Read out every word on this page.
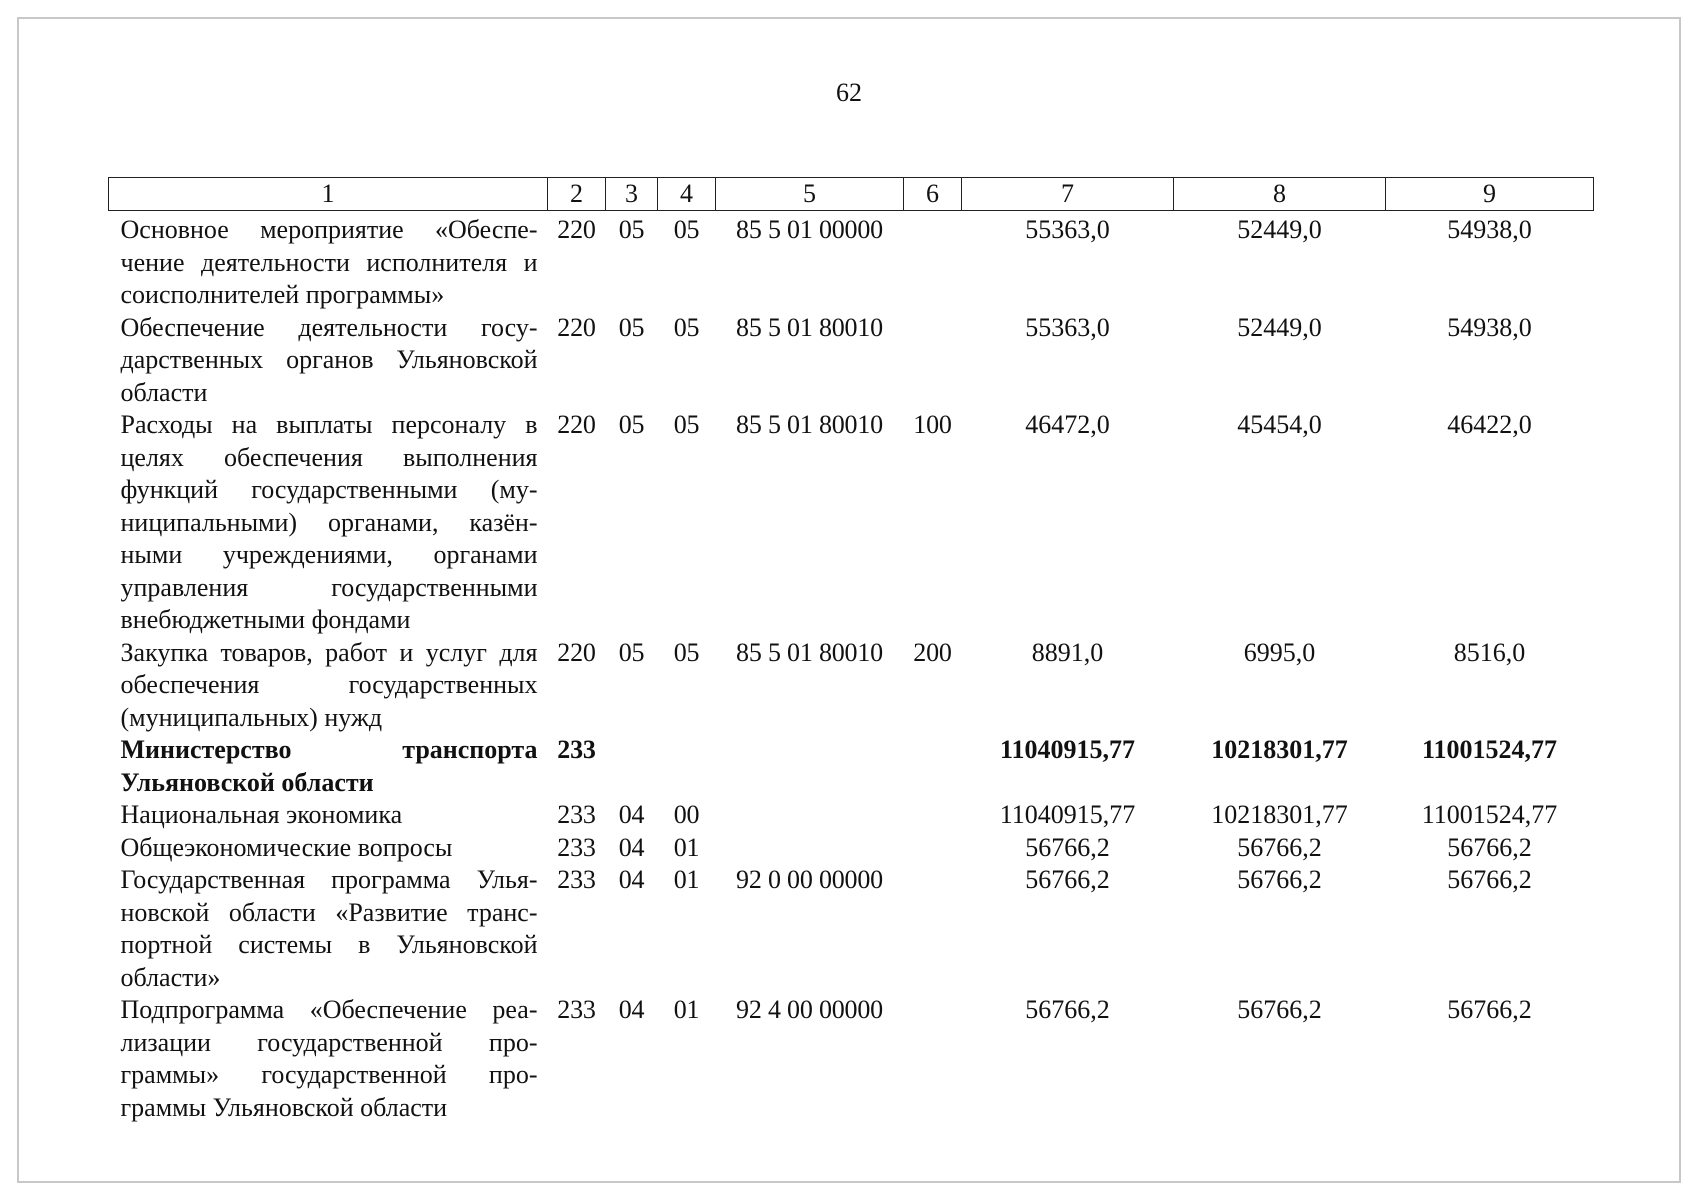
62
1	2	3	4	5	6	7	8	9
Основное мероприятие «Обеспе-чение деятельности исполнителя и соисполнителей программы»	220	05	05	85 5 01 00000		55363,0	52449,0	54938,0
Обеспечение деятельности госу-дарственных органов Ульяновской области	220	05	05	85 5 01 80010		55363,0	52449,0	54938,0
Расходы на выплаты персоналу в целях обеспечения выполнения функций государственными (му-ниципальными) органами, казён-ными учреждениями, органами управления государственными внебюджетными фондами	220	05	05	85 5 01 80010	100	46472,0	45454,0	46422,0
Закупка товаров, работ и услуг для обеспечения государственных (муниципальных) нужд	220	05	05	85 5 01 80010	200	8891,0	6995,0	8516,0
Министерство транспорта Ульяновской области	233					11040915,77	10218301,77	11001524,77
Национальная экономика	233	04	00			11040915,77	10218301,77	11001524,77
Общеэкономические вопросы	233	04	01			56766,2	56766,2	56766,2
Государственная программа Улья-новской области «Развитие транс-портной системы в Ульяновской области»	233	04	01	92 0 00 00000		56766,2	56766,2	56766,2
Подпрограмма «Обеспечение реа-лизации государственной про-граммы» государственной про-граммы Ульяновской области	233	04	01	92 4 00 00000		56766,2	56766,2	56766,2
